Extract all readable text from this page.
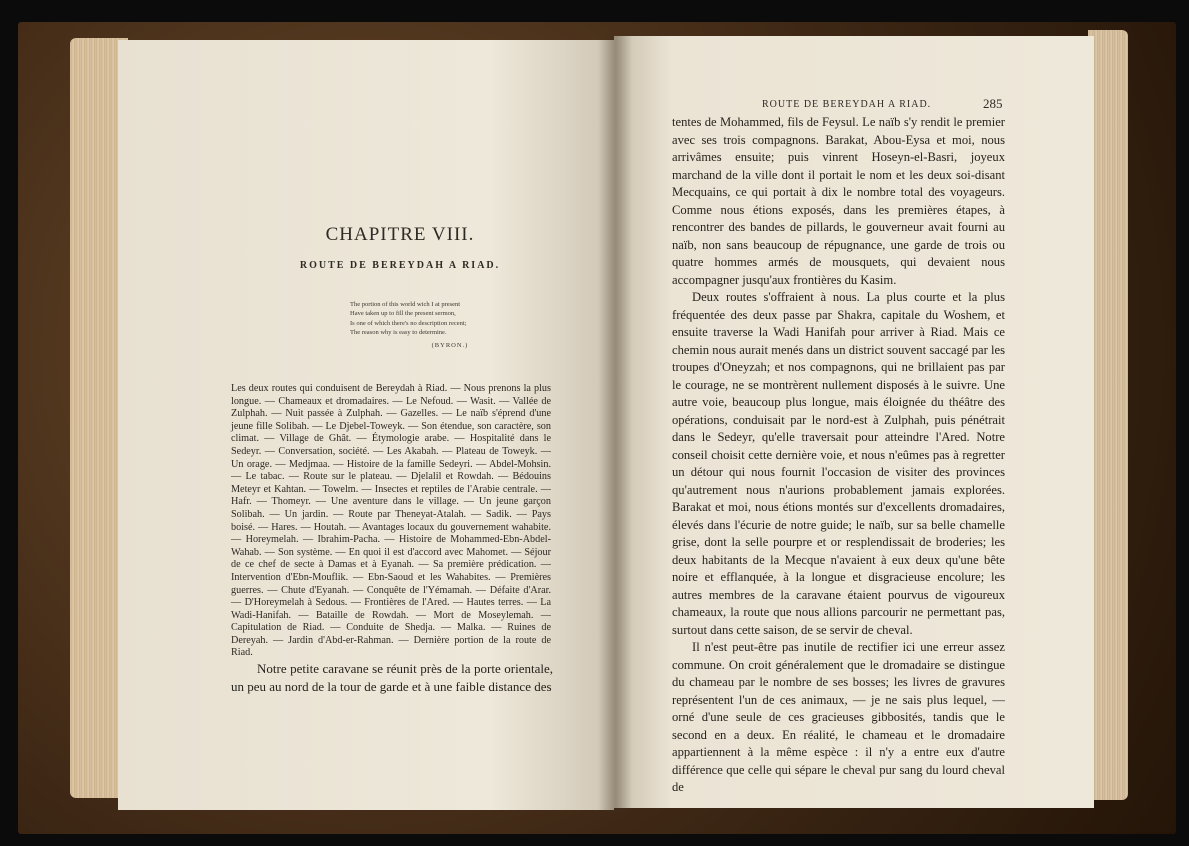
CHAPITRE VIII.
ROUTE DE BEREYDAH A RIAD.
The portion of this world wich I at present
Have taken up to fill the present sermon,
Is one of which there's no description recent;
The reason why is easy to determine.
(BYRON.)
Les deux routes qui conduisent de Bereydah à Riad. — Nous prenons la plus longue. — Chameaux et dromadaires. — Le Nefoud. — Wasit. — Vallée de Zulphah. — Nuit passée à Zulphah. — Gazelles. — Le naïb s'éprend d'une jeune fille Solibah. — Le Djebel-Toweyk. — Son étendue, son caractère, son climat. — Village de Ghât. — Étymologie arabe. — Hospitalité dans le Sedeyr. — Conversation, société. — Les Akabah. — Plateau de Toweyk. — Un orage. — Medjmaa. — Histoire de la famille Sedeyri. — Abdel-Mohsin. — Le tabac. — Route sur le plateau. — Djelalil et Rowdah. — Bédouins Meteyr et Kahtan. — Towelm. — Insectes et reptiles de l'Arabie centrale. — Hafr. — Thomeyr. — Une aventure dans le village. — Un jeune garçon Solibah. — Un jardin. — Route par Theneyat-Atalah. — Sadik. — Pays boisé. — Hares. — Houtah. — Avantages locaux du gouvernement wahabite. — Horeymelah. — Ibrahim-Pacha. — Histoire de Mohammed-Ebn-Abdel-Wahab. — Son système. — En quoi il est d'accord avec Mahomet. — Séjour de ce chef de secte à Damas et à Eyanah. — Sa première prédication. — Intervention d'Ebn-Mouflik. — Ebn-Saoud et les Wahabites. — Premières guerres. — Chute d'Eyanah. — Conquête de l'Yémamah. — Défaite d'Arar. — D'Horeymelah à Sedous. — Frontières de l'Ared. — Hautes terres. — La Wadi-Hanifah. — Bataille de Rowdah. — Mort de Moseylemah. — Capitulation de Riad. — Conduite de Shedja. — Malka. — Ruines de Dereyah. — Jardin d'Abd-er-Rahman. — Dernière portion de la route de Riad.
Notre petite caravane se réunit près de la porte orientale, un peu au nord de la tour de garde et à une faible distance des
ROUTE DE BEREYDAH A RIAD.	285

tentes de Mohammed, fils de Feysul. Le naïb s'y rendit le premier avec ses trois compagnons. Barakat, Abou-Eysa et moi, nous arrivâmes ensuite; puis vinrent Hoseyn-el-Basri, joyeux marchand de la ville dont il portait le nom et les deux soi-disant Mecquains, ce qui portait à dix le nombre total des voyageurs. Comme nous étions exposés, dans les premières étapes, à rencontrer des bandes de pillards, le gouverneur avait fourni au naïb, non sans beaucoup de répugnance, une garde de trois ou quatre hommes armés de mousquets, qui devaient nous accompagner jusqu'aux frontières du Kasim.

Deux routes s'offraient à nous. La plus courte et la plus fréquentée des deux passe par Shakra, capitale du Woshem, et ensuite traverse la Wadi Hanifah pour arriver à Riad. Mais ce chemin nous aurait menés dans un district souvent saccagé par les troupes d'Oneyzah; et nos compagnons, qui ne brillaient pas par le courage, ne se montrèrent nullement disposés à le suivre. Une autre voie, beaucoup plus longue, mais éloignée du théâtre des opérations, conduisait par le nord-est à Zulphah, puis pénétrait dans le Sedeyr, qu'elle traversait pour atteindre l'Ared. Notre conseil choisit cette dernière voie, et nous n'eûmes pas à regretter un détour qui nous fournit l'occasion de visiter des provinces qu'autrement nous n'aurions probablement jamais explorées. Barakat et moi, nous étions montés sur d'excellents dromadaires, élevés dans l'écurie de notre guide; le naïb, sur sa belle chamelle grise, dont la selle pourpre et or resplendissait de broderies; les deux habitants de la Mecque n'avaient à eux deux qu'une bête noire et efflanquée, à la longue et disgracieuse encolure; les autres membres de la caravane étaient pourvus de vigoureux chameaux, la route que nous allions parcourir ne permettant pas, surtout dans cette saison, de se servir de cheval.

Il n'est peut-être pas inutile de rectifier ici une erreur assez commune. On croit généralement que le dromadaire se distingue du chameau par le nombre de ses bosses; les livres de gravures représentent l'un de ces animaux, — je ne sais plus lequel, — orné d'une seule de ces gracieuses gibbosités, tandis que le second en a deux. En réalité, le chameau et le dromadaire appartiennent à la même espèce : il n'y a entre eux d'autre différence que celle qui sépare le cheval pur sang du lourd cheval de
